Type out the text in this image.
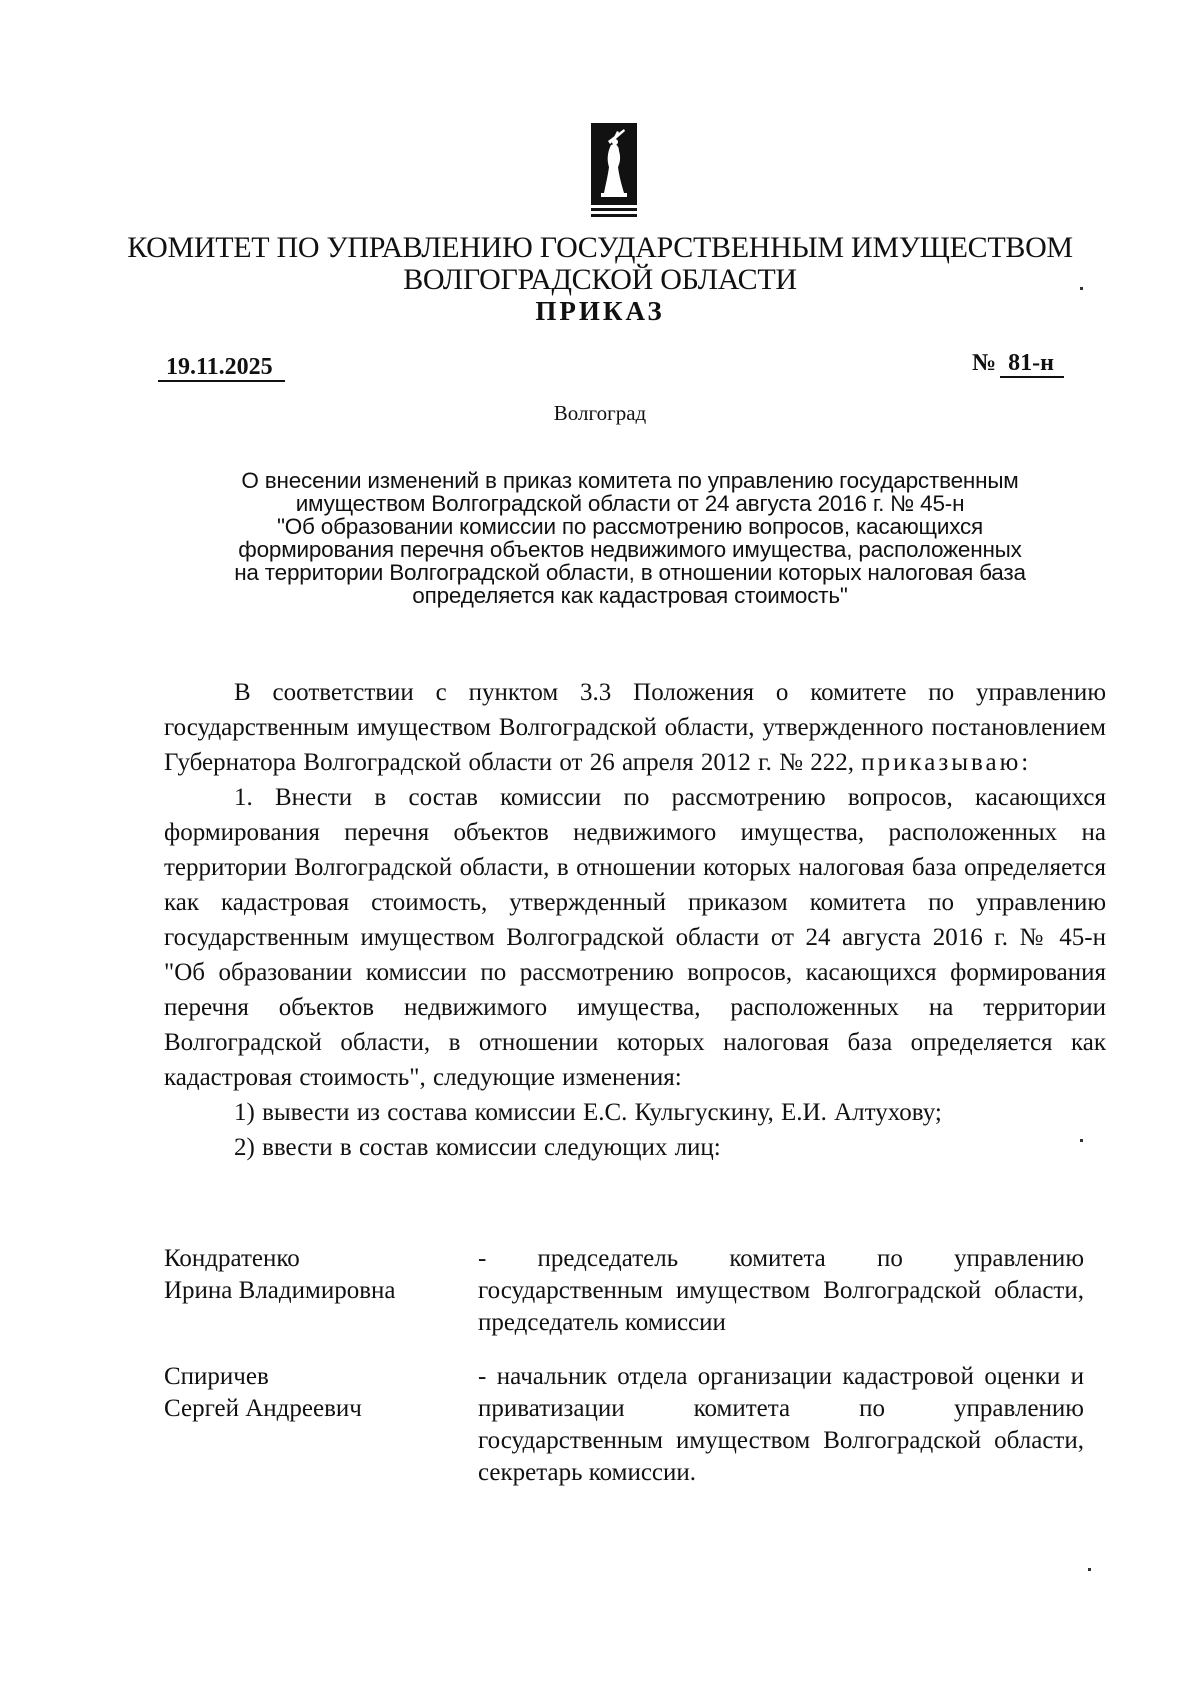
КОМИТЕТ ПО УПРАВЛЕНИЮ ГОСУДАРСТВЕННЫМ ИМУЩЕСТВОМ
ВОЛГОГРАДСКОЙ ОБЛАСТИ
ПРИКАЗ
19.11.2025	№ 81-н
Волгоград
О внесении изменений в приказ комитета по управлению государственным
имуществом Волгоградской области от 24 августа 2016 г. № 45-н
"Об образовании комиссии по рассмотрению вопросов, касающихся
формирования перечня объектов недвижимого имущества, расположенных
на территории Волгоградской области, в отношении которых налоговая база
определяется как кадастровая стоимость"

В соответствии с пунктом 3.3 Положения о комитете по управлению государственным имуществом Волгоградской области, утвержденного постановлением Губернатора Волгоградской области от 26 апреля 2012 г. № 222, приказываю:

1. Внести в состав комиссии по рассмотрению вопросов, касающихся формирования перечня объектов недвижимого имущества, расположенных на территории Волгоградской области, в отношении которых налоговая база определяется как кадастровая стоимость, утвержденный приказом комитета по управлению государственным имуществом Волгоградской области от 24 августа 2016 г. № 45-н "Об образовании комиссии по рассмотрению вопросов, касающихся формирования перечня объектов недвижимого имущества, расположенных на территории Волгоградской области, в отношении которых налоговая база определяется как кадастровая стоимость", следующие изменения:

1) вывести из состава комиссии Е.С. Кульгускину, Е.И. Алтухову;

2) ввести в состав комиссии следующих лиц:

Кондратенко
Ирина Владимировна
- председатель комитета по управлению государственным имуществом Волгоградской области, председатель комиссии
Спиричев
Сергей Андреевич
- начальник отдела организации кадастровой оценки и приватизации комитета по управлению государственным имуществом Волгоградской области, секретарь комиссии.
